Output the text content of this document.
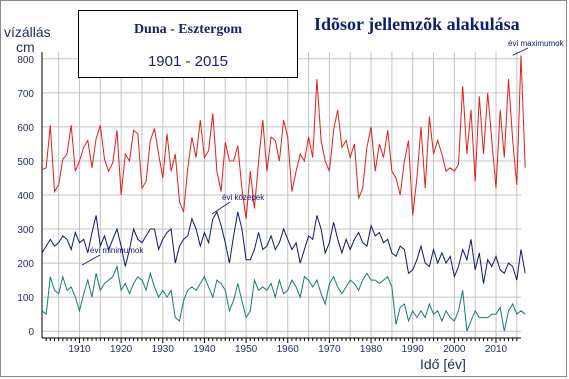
0
100
200
300
400
500
600
700
800
1910 1920 1930 1940 1950 1960 1970 1980 1990 2000 2010
évi maximumok
évi közepek
évi minimumok
vízállás
cm
Duna - Esztergom
1901 - 2015
Idõsor jellemzõk alakulása
Idő [év]
